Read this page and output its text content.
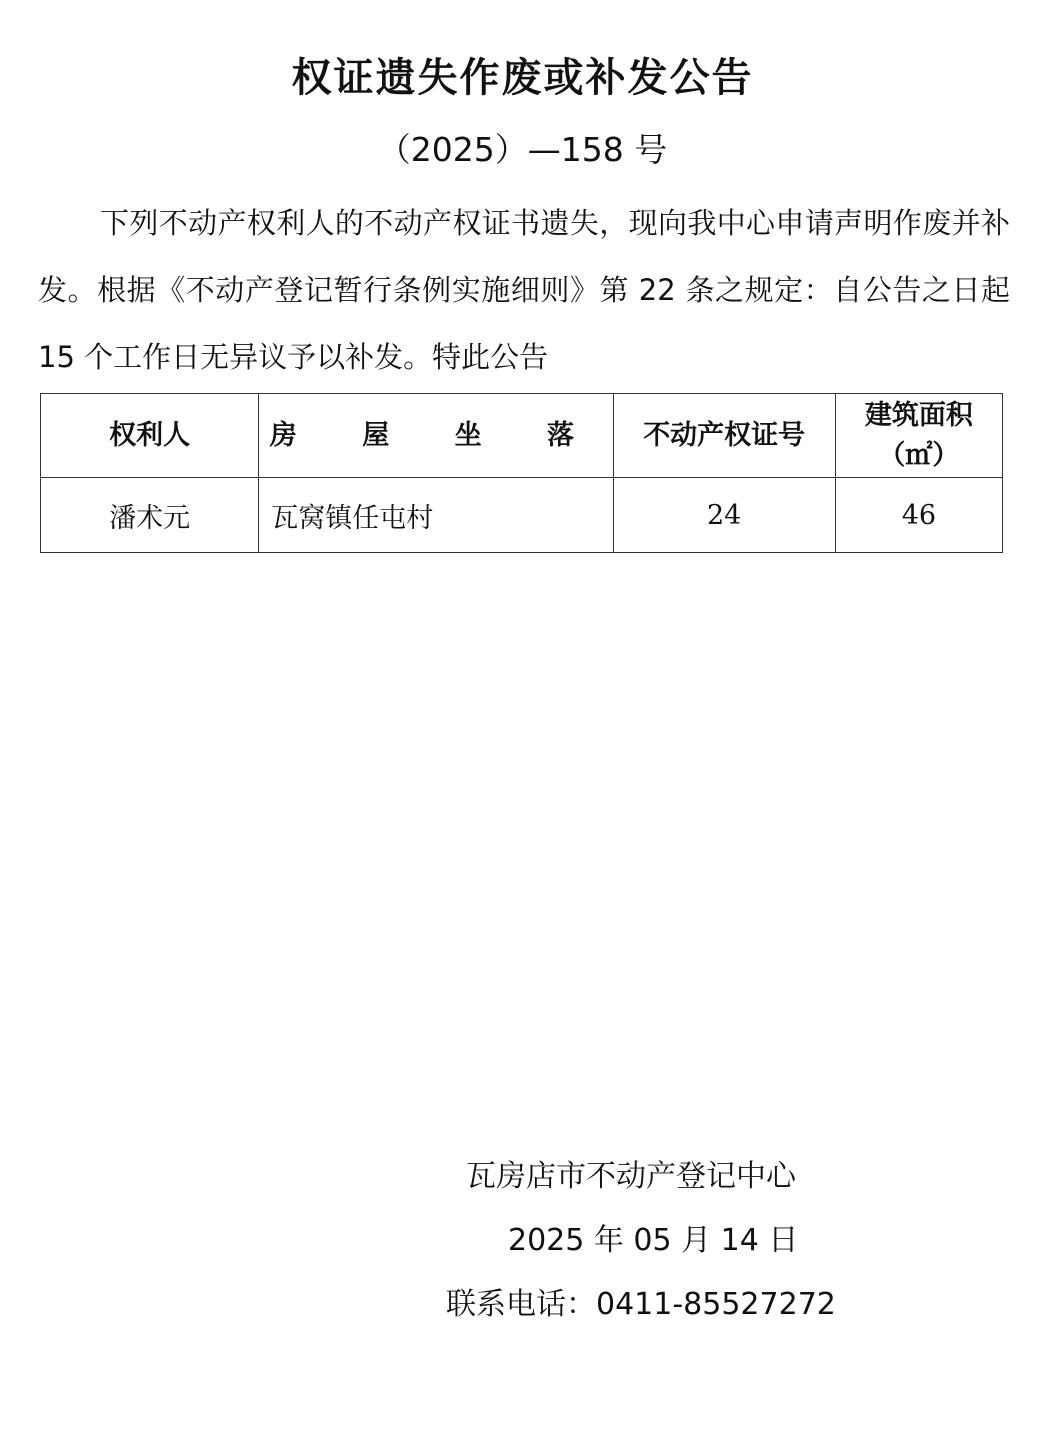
权证遗失作废或补发公告
（2025）—158 号
下列不动产权利人的不动产权证书遗失，现向我中心申请声明作废并补发。根据《不动产登记暂行条例实施细则》第 22 条之规定：自公告之日起 15 个工作日无异议予以补发。特此公告
权利人	房 屋 坐 落	不动产权证号	建筑面积（㎡）
潘术元	瓦窝镇任屯村	24	46
瓦房店市不动产登记中心
2025 年 05 月 14 日
联系电话：0411-85527272
